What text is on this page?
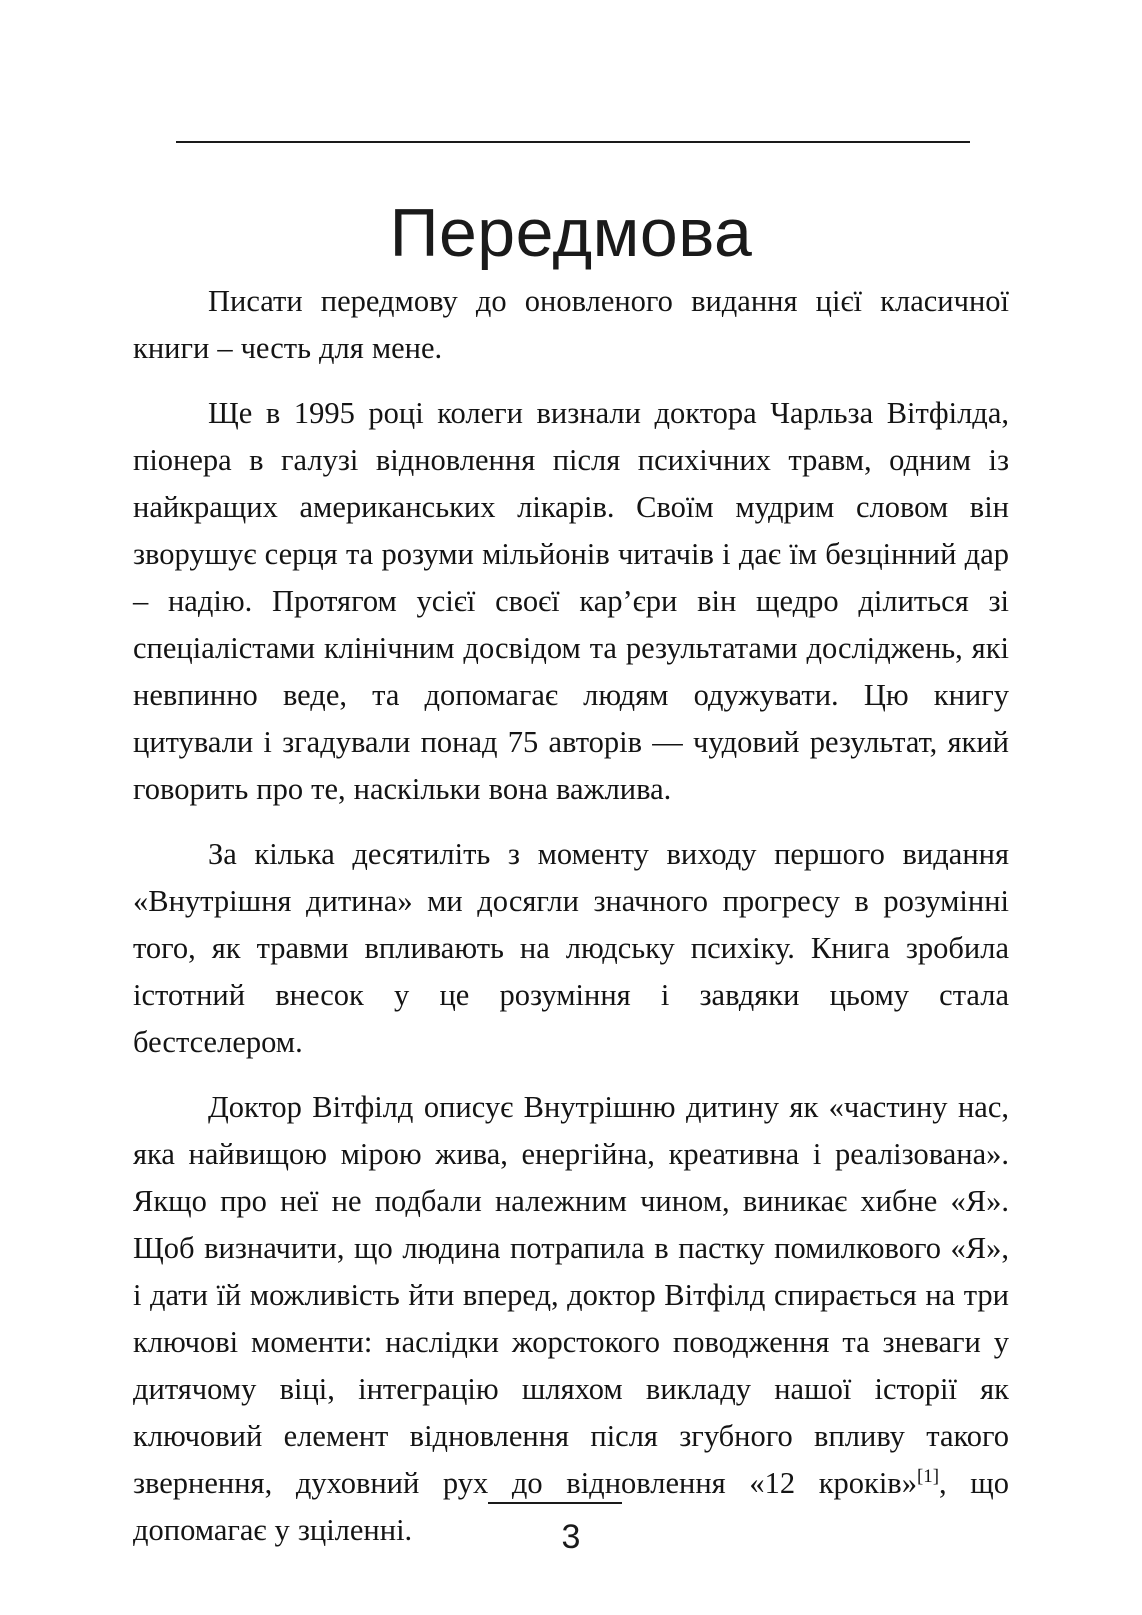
Передмова

Писати передмову до оновленого видання цієї класичної книги – честь для мене.

Ще в 1995 році колеги визнали доктора Чарльза Вітфілда, піонера в галузі відновлення після психічних травм, одним із найкращих американських лікарів. Своїм мудрим словом він зворушує серця та розуми мільйонів читачів і дає їм безцінний дар – надію. Протягом усієї своєї кар’єри він щедро ділиться зі спеціалістами клінічним досвідом та результатами досліджень, які невпинно веде, та допомагає людям одужувати. Цю книгу цитували і згадували понад 75 авторів — чудовий результат, який говорить про те, наскільки вона важлива.

За кілька десятиліть з моменту виходу першого видання «Внутрішня дитина» ми досягли значного прогресу в розумінні того, як травми впливають на людську психіку. Книга зробила істотний внесок у це розуміння і завдяки цьому стала бестселером.

Доктор Вітфілд описує Внутрішню дитину як «частину нас, яка найвищою мірою жива, енергійна, креативна і реалізована». Якщо про неї не подбали належним чином, виникає хибне «Я». Щоб визначити, що людина потрапила в пастку помилкового «Я», і дати їй можливість йти вперед, доктор Вітфілд спирається на три ключові моменти: наслідки жорстокого поводження та зневаги у дитячому віці, інтеграцію шляхом викладу нашої історії як ключовий елемент відновлення після згубного впливу такого звернення, духовний рух до відновлення «12 кроків»[1], що допомагає у зціленні.	3
